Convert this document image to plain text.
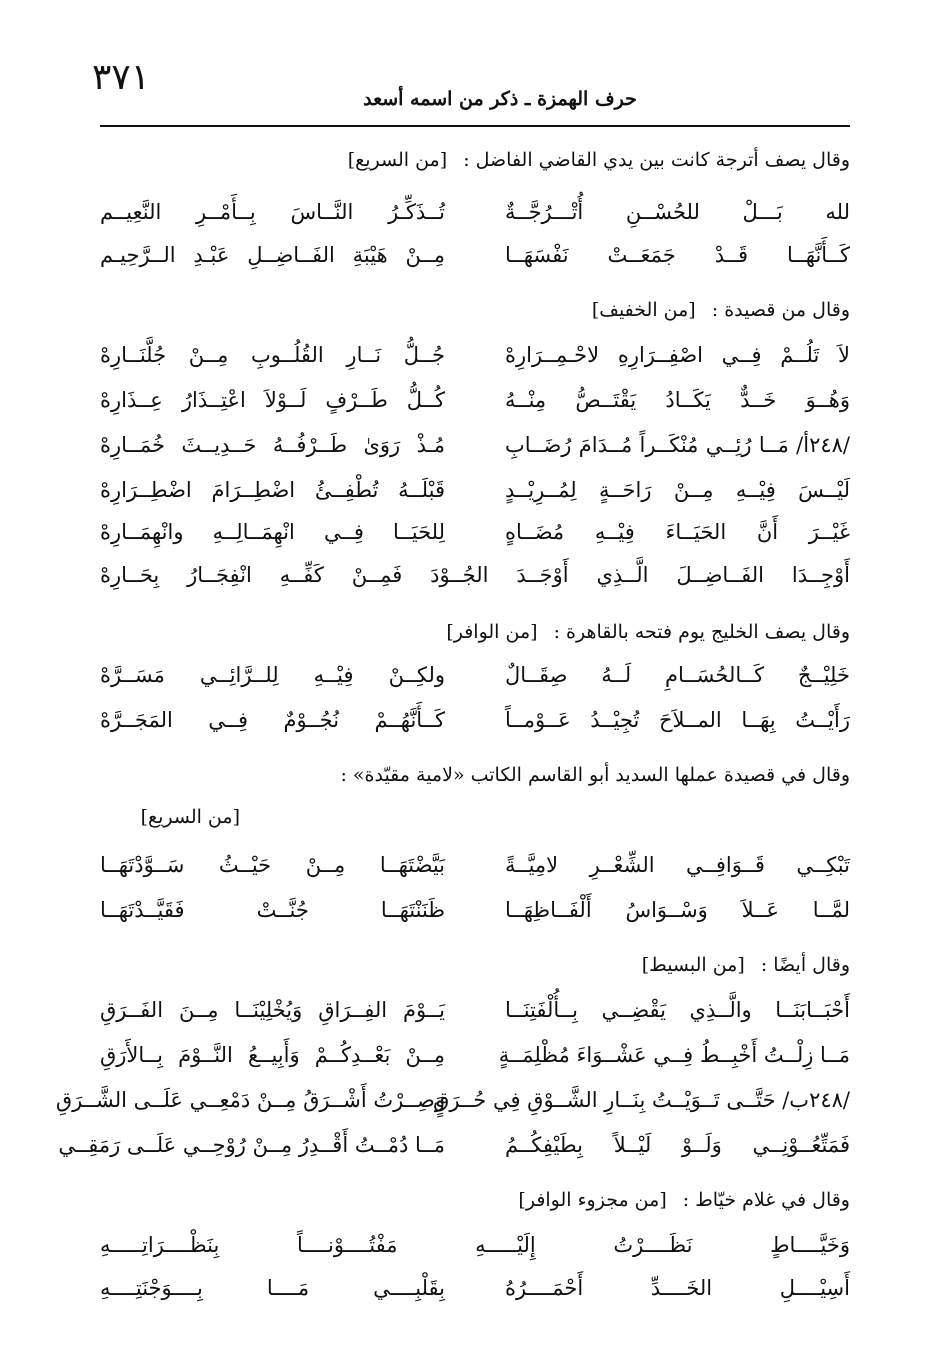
٣٧١
حرف الهمزة ـ ذكر من اسمه أسعد
وقال يصف أترجة كانت بين يدي القاضي الفاضل : [من السريع]
لله بَـــلْ للحُسْــنِ أُتْـــرُجَّــةٌ
تُــذَكِّـرُ النَّــاسَ بِــأَمْــرِ النَّعِيــم
كَــأَنَّهَــا قَــدْ جَمَعَــتْ نَفْسَهَــا
مِــنْ هَيْبَةِ الفَــاضِــلِ عَبْـدِ الــرَّحِيـم
وقال من قصيدة : [من الخفيف]
لاَ تَلُــمْ فِــي اصْفِــرَارِهِ لاحْـمِــرَارِهْ
جُــلُّ نَــارِ القُلُــوبِ مِــنْ جُلَّنَــارِهْ
وَهُــوَ خَــدٌّ يَكَــادُ يَقْتَــصُّ مِنْــهُ
كُــلُّ طَــرْفٍ لَــوْلاَ اعْتِــذَارُ عِــذَارِهْ
/٢٤٨أ/ مَــا رُئِــي مُنْكَــراً مُــدَامَ رُضَــابِ
مُـذْ رَوَىٰ طَــرْفُــهُ حَــدِيــثَ خُمَــارِهْ
لَيْــسَ فِيْــهِ مِــنْ رَاحَــةٍ لِمُــرِيْــدٍ
قَبْلَــهُ تُطْفِــئُ اضْطِــرَامَ اضْطِــرَارِهْ
غَيْــرَ أَنَّ الحَيَــاءَ فِيْــهِ مُضَــاهٍ
لِلحَيَــا فِــي انْهِمَــالِــهِ وانْهِمَــارِهْ
أَوْجِــدَا الفَــاضِــلَ الَّــذِي أَوْجَــدَ الجُــوْدَ فَمِــنْ كَفِّــهِ انْفِجَــارُ بِحَــارِهْ
وقال يصف الخليج يوم فتحه بالقاهرة : [من الوافر]
خَلِيْــجٌ كَــالحُسَــامِ لَــهُ صِقَــالٌ
ولكِــنْ فِيْــهِ لِلــرَّائِــي مَسَــرَّهْ
رَأَيْــتُ بِهَــا المــلاَحَ تُجِيْــدُ عَــوْمــاً
كَــأَنَّهُــمْ نُجُــوْمٌ فِــي المَجَــرَّهْ
وقال في قصيدة عملها السديد أبو القاسم الكاتب «لامية مقيّدة» :
[من السريع]
تَبْكِــي قَــوَافِــي الشِّعْــرِ لامِيَّــةً
بَيَّضْتَهَــا مِــنْ حَيْــثُ سَــوَّدْتَهَــا
لمَّــا عَــلاَ وَسْــوَاسُ أَلْفَــاظِهَــا
ظَنَنْتَهَــا جُنَّــتْ فَقَيَّــدْتَهَــا
وقال أيضًا : [من البسيط]
أَحْبَــابَنَــا والَّــذِي يَقْضِــي بِــأُلْفَتِنَــا
يَــوْمَ الفِــرَاقِ وَيُخْلِيْنَــا مِــنَ الفَــرَقِ
مَــا زِلْــتُ أَخْبِــطُ فِــي عَشْــوَاءَ مُظْلِمَــةٍ
مِــنْ بَعْــدِكُــمْ وَأَبِيــعُ النَّــوْمَ بِــالأَرَقِ
/٢٤٨ب/ حَتَّــى تَــوَيْــتُ بِنَــارِ الشَّــوْقِ فِي حُــرَقٍ
وَصِــرْتُ أَشْــرَقُ مِــنْ دَمْعِــي عَلَــى الشَّــرَقِ
فَمَتِّعُــوْنِــي وَلَــوْ لَيْــلاً بِطَيْفِكُــمُ
مَــا دُمْــتُ أَقْــدِرُ مِــنْ رُوْحِــي عَلَــى رَمَقِــي
وقال في غلام خيّاط : [من مجزوء الوافر]
وَخَيَّــــاطٍ نَظَــــرْتُ إِلَيْـــــهِ مَفْتُــــوْنــــاً بِنَظْــــرَاتِـــــهِ
أَسِيْــــلِ الخَــــدِّ أَحْمَــــرُهُ
بِقَلْبِــــي مَــــا بِــــوَجْنَتِــــهِ
